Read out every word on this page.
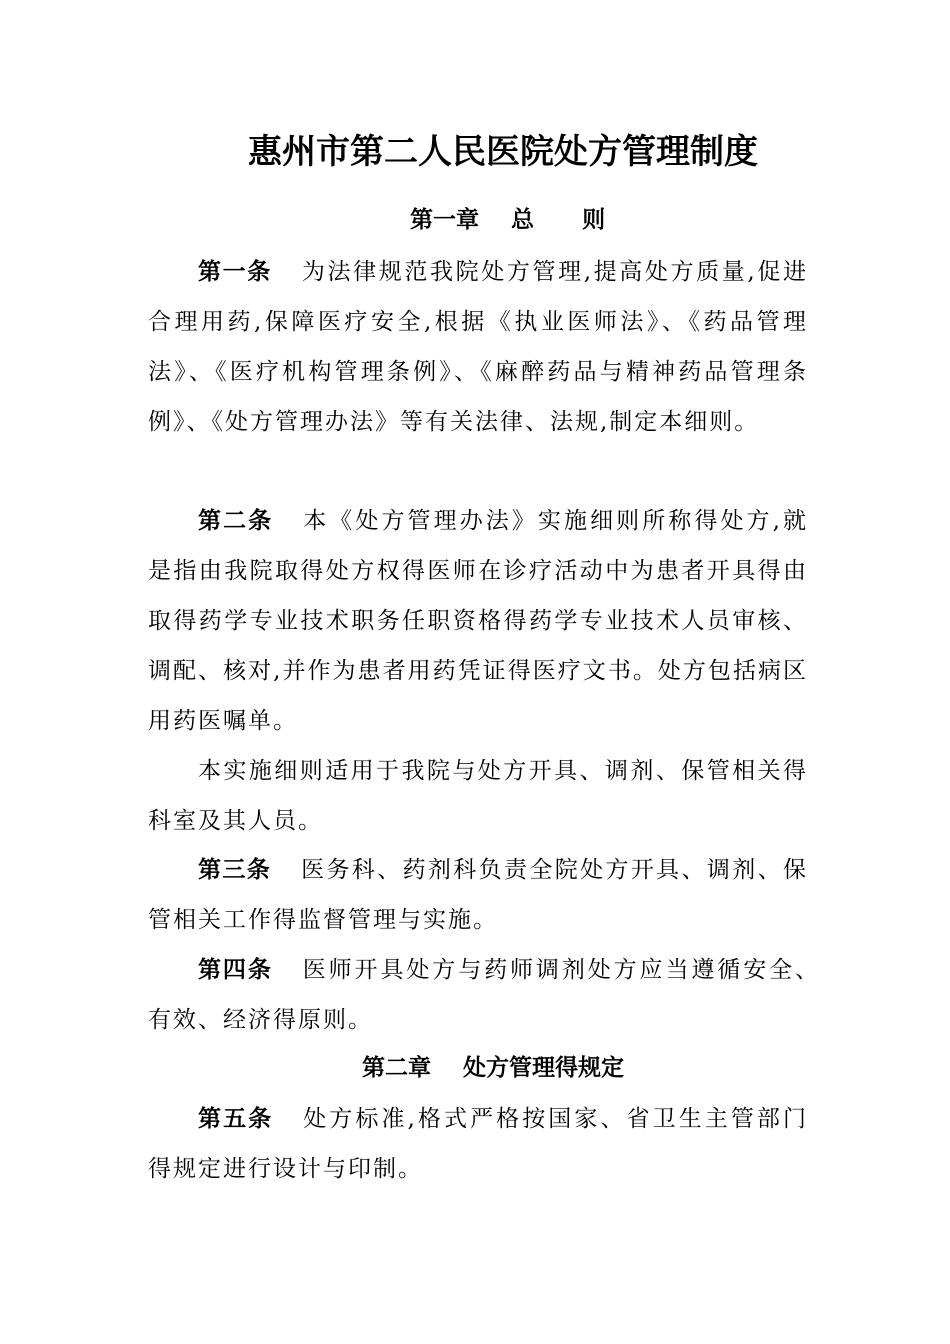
惠州市第二人民医院处方管理制度
第一章    总      则

第一条 为法律规范我院处方管理,提高处方质量,促进合理用药,保障医疗安全,根据《执业医师法》、《药品管理法》、《医疗机构管理条例》、《麻醉药品与精神药品管理条例》、《处方管理办法》等有关法律、法规,制定本细则。

第二条 本《处方管理办法》实施细则所称得处方,就是指由我院取得处方权得医师在诊疗活动中为患者开具得由取得药学专业技术职务任职资格得药学专业技术人员审核、调配、核对,并作为患者用药凭证得医疗文书。处方包括病区用药医嘱单。

本实施细则适用于我院与处方开具、调剂、保管相关得科室及其人员。

第三条 医务科、药剂科负责全院处方开具、调剂、保管相关工作得监督管理与实施。

第四条 医师开具处方与药师调剂处方应当遵循安全、有效、经济得原则。

第二章    处方管理得规定

第五条 处方标准,格式严格按国家、省卫生主管部门得规定进行设计与印制。
